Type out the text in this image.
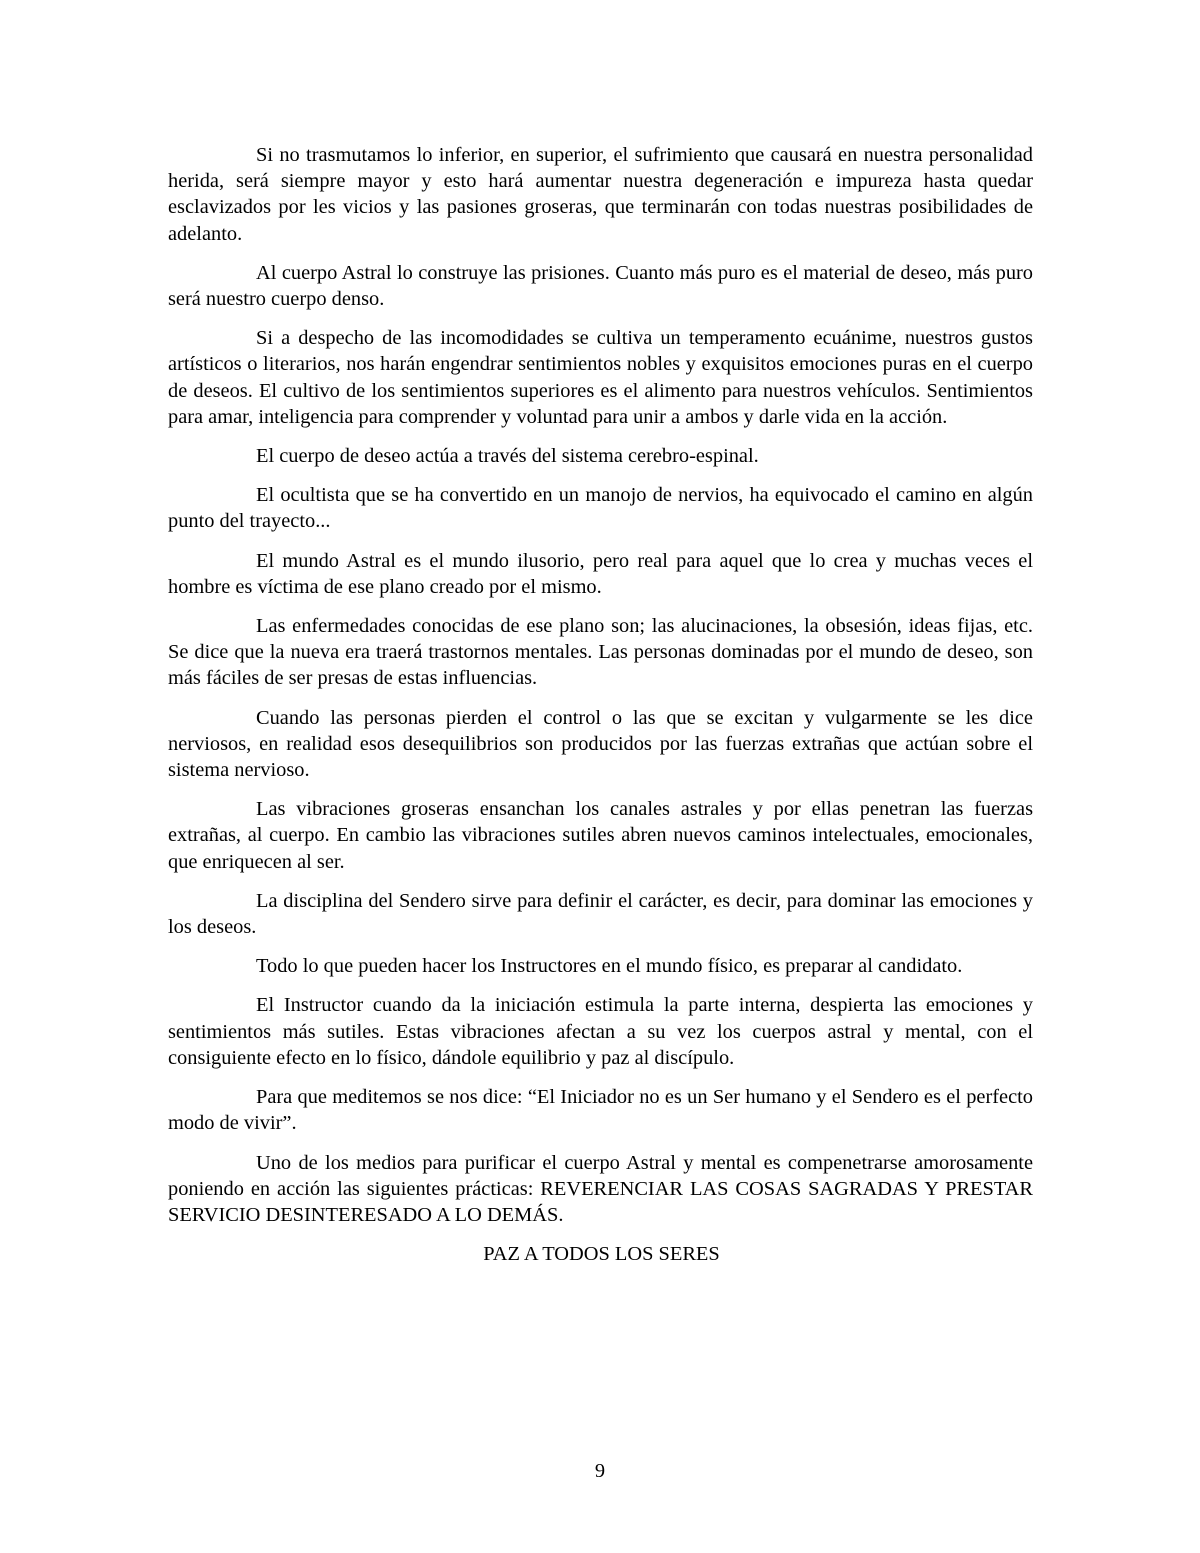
Si no trasmutamos lo inferior, en superior, el sufrimiento que causará en nuestra personalidad herida, será siempre mayor y esto hará aumentar nuestra degeneración e impureza hasta quedar esclavizados por les vicios y las pasiones groseras, que terminarán con todas nuestras posibilidades de adelanto.

Al cuerpo Astral lo construye las prisiones. Cuanto más puro es el material de deseo, más puro será nuestro cuerpo denso.

Si a despecho de las incomodidades se cultiva un temperamento ecuánime, nuestros gustos artísticos o literarios, nos harán engendrar sentimientos nobles y exquisitos emociones puras en el cuerpo de deseos. El cultivo de los sentimientos superiores es el alimento para nuestros vehículos. Sentimientos para amar, inteligencia para comprender y voluntad para unir a ambos y darle vida en la acción.

El cuerpo de deseo actúa a través del sistema cerebro-espinal.

El ocultista que se ha convertido en un manojo de nervios, ha equivocado el camino en algún punto del trayecto...

El mundo Astral es el mundo ilusorio, pero real para aquel que lo crea y muchas veces el hombre es víctima de ese plano creado por el mismo.

Las enfermedades conocidas de ese plano son; las alucinaciones, la obsesión, ideas fijas, etc. Se dice que la nueva era traerá trastornos mentales. Las personas dominadas por el mundo de deseo, son más fáciles de ser presas de estas influencias.

Cuando las personas pierden el control o las que se excitan y vulgarmente se les dice nerviosos, en realidad esos desequilibrios son producidos por las fuerzas extrañas que actúan sobre el sistema nervioso.

Las vibraciones groseras ensanchan los canales astrales y por ellas penetran las fuerzas extrañas, al cuerpo. En cambio las vibraciones sutiles abren nuevos caminos intelectuales, emocionales, que enriquecen al ser.

La disciplina del Sendero sirve para definir el carácter, es decir, para dominar las emociones y los deseos.

Todo lo que pueden hacer los Instructores en el mundo físico, es preparar al candidato.

El Instructor cuando da la iniciación estimula la parte interna, despierta las emociones y sentimientos más sutiles. Estas vibraciones afectan a su vez los cuerpos astral y mental, con el consiguiente efecto en lo físico, dándole equilibrio y paz al discípulo.

Para que meditemos se nos dice: “El Iniciador no es un Ser humano y el Sendero es el perfecto modo de vivir”.

Uno de los medios para purificar el cuerpo Astral y mental es compenetrarse amorosamente poniendo en acción las siguientes prácticas: REVERENCIAR LAS COSAS SAGRADAS Y PRESTAR SERVICIO DESINTERESADO A LO DEMÁS.

PAZ A TODOS LOS SERES

9
